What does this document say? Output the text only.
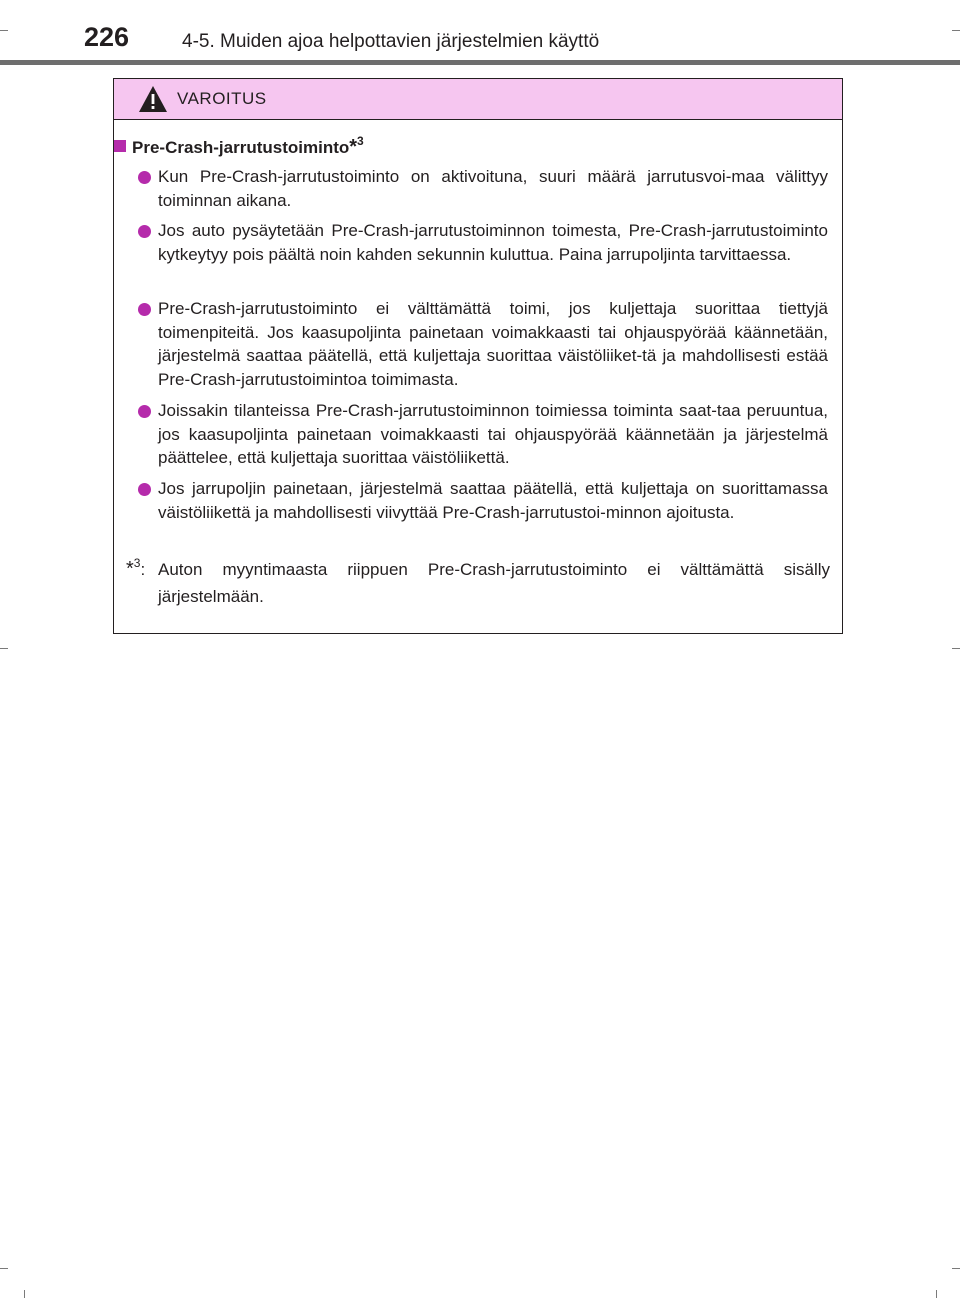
226	4-5. Muiden ajoa helpottavien järjestelmien käyttö
VAROITUS
Pre-Crash-jarrutustoiminto*$^3$
Kun Pre-Crash-jarrutustoiminto on aktivoituna, suuri määrä jarrutusvoi-maa välittyy toiminnan aikana.
Jos auto pysäytetään Pre-Crash-jarrutustoiminnon toimesta, Pre-Crash-jarrutustoiminto kytkeytyy pois päältä noin kahden sekunnin kuluttua. Paina jarrupoljinta tarvittaessa.
Pre-Crash-jarrutustoiminto ei välttämättä toimi, jos kuljettaja suorittaa tiettyjä toimenpiteitä. Jos kaasupoljinta painetaan voimakkaasti tai ohjauspyörää käännetään, järjestelmä saattaa päätellä, että kuljettaja suorittaa väistöliiket-tä ja mahdollisesti estää Pre-Crash-jarrutustoimintoa toimimasta.
Joissakin tilanteissa Pre-Crash-jarrutustoiminnon toimiessa toiminta saat-taa peruuntua, jos kaasupoljinta painetaan voimakkaasti tai ohjauspyörää käännetään ja järjestelmä päättelee, että kuljettaja suorittaa väistöliikettä.
Jos jarrupoljin painetaan, järjestelmä saattaa päätellä, että kuljettaja on suorittamassa väistöliikettä ja mahdollisesti viivyttää Pre-Crash-jarrutustoi-minnon ajoitusta.
*$^3$: Auton myyntimaasta riippuen Pre-Crash-jarrutustoiminto ei välttämättä sisälly järjestelmään.
